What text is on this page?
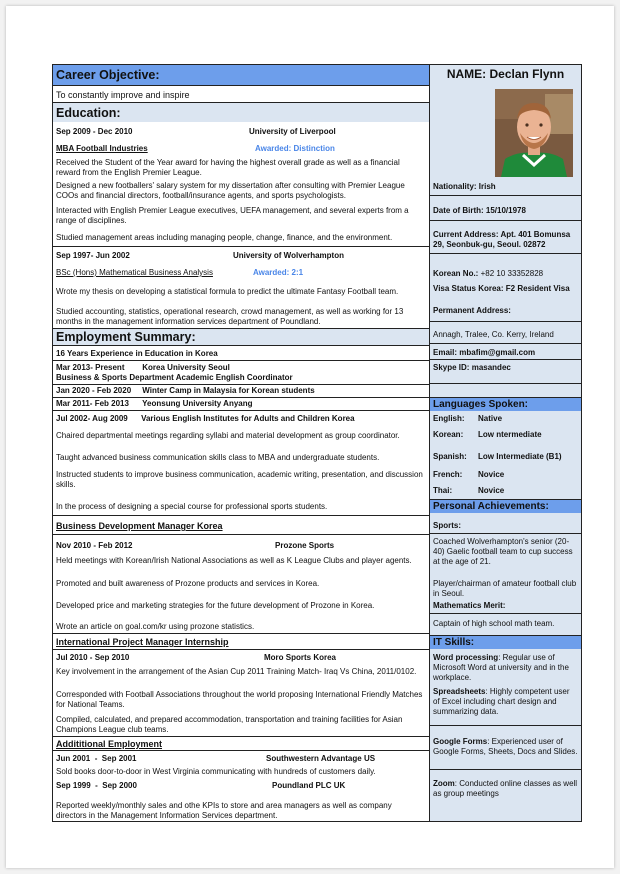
Career Objective:
To constantly improve and inspire
Education:
Sep 2009 - Dec 2010	University of Liverpool
MBA Football Industries	Awarded: Distinction
Received the Student of the Year award for having the highest overall grade as well as a financial reward from the English Premier League.
Designed a new footballers' salary system for my dissertation after consulting with Premier League COOs and financial directors, football/insurance agents, and sports psychologists.
Interacted with English Premier League executives, UEFA management, and several experts from a range of disciplines.
Studied management areas including managing people, change, finance, and the environment.
Sep 1997- Jun 2002	University of Wolverhampton
BSc (Hons) Mathematical Business Analysis	Awarded: 2:1
Wrote my thesis on developing a statistical formula to predict the ultimate Fantasy Football team.
Studied accounting, statistics, operational research, crowd management, as well as working for 13 months in the management information services department of Poundland.
Employment Summary:
16 Years Experience in Education in Korea
Mar 2013- Present        Korea University Seoul
Business & Sports Department Academic English Coordinator
Jan 2020 - Feb 2020     Winter Camp in Malaysia for Korean students
Mar 2011- Feb 2013      Yeonsung University Anyang
Jul 2002- Aug 2009      Various English Institutes for Adults and Children Korea
Chaired departmental meetings regarding syllabi and material development as group coordinator.
Taught advanced business communication skills class to MBA and undergraduate students.
Instructed students to improve business communication, academic writing, presentation, and discussion skills.
In the process of designing a special course for professional sports students.
Business Development Manager Korea
Nov 2010 - Feb 2012	Prozone Sports
Held meetings with Korean/Irish National Associations as well as K League Clubs and player agents.
Promoted and built awareness of Prozone products and services in Korea.
Developed price and marketing strategies for the future development of Prozone in Korea.
Wrote an article on goal.com/kr using prozone statistics.
International Project Manager Internship
Jul 2010 - Sep 2010	Moro Sports Korea
Key involvement in the arrangement of the Asian Cup 2011 Training Match- Iraq Vs China, 2011/0102.
Corresponded with Football Associations throughout the world proposing International Friendly Matches for National Teams.
Compiled, calculated, and prepared accommodation, transportation and training facilities for Asian Champions League club teams.
Addititional Employment
Jun 2001  -  Sep 2001	Southwestern Advantage US
Sold books door-to-door in West Virginia communicating with hundreds of customers daily.
Sep 1999  -  Sep 2000	Poundland PLC UK
Reported weekly/monthly sales and othe KPIs to store and area managers as well as company directors in the Management Information Services department.
NAME: Declan Flynn
Nationality: Irish
Date of Birth: 15/10/1978
Current Address: Apt. 401 Bomunsa 29, Seonbuk-gu, Seoul. 02872
Korean No.: +82 10 33352828
Visa Status Korea: F2 Resident Visa
Permanent Address:
Annagh, Tralee, Co. Kerry, Ireland
Email: mbafim@gmail.com
Skype ID: masandec
Languages Spoken:
English: Native
Korean: Low ntermediate
Spanish: Low Intermediate (B1)
French: Novice
Thai:	Novice
Personal Achievements:
Sports:
Coached Wolverhampton's senior (20-40) Gaelic football team to cup success at the age of 21.
Player/chairman of amateur football club in Seoul.
Mathematics Merit:
Captain of high school math team.
IT Skills:
Word processing: Regular use of Microsoft Word at university and in the workplace.
Spreadsheets: Highly competent user of Excel including chart design and summarizing data.
Google Forms: Experienced user of Google Forms, Sheets, Docs and Slides.
Zoom: Conducted online classes as well as group meetings
